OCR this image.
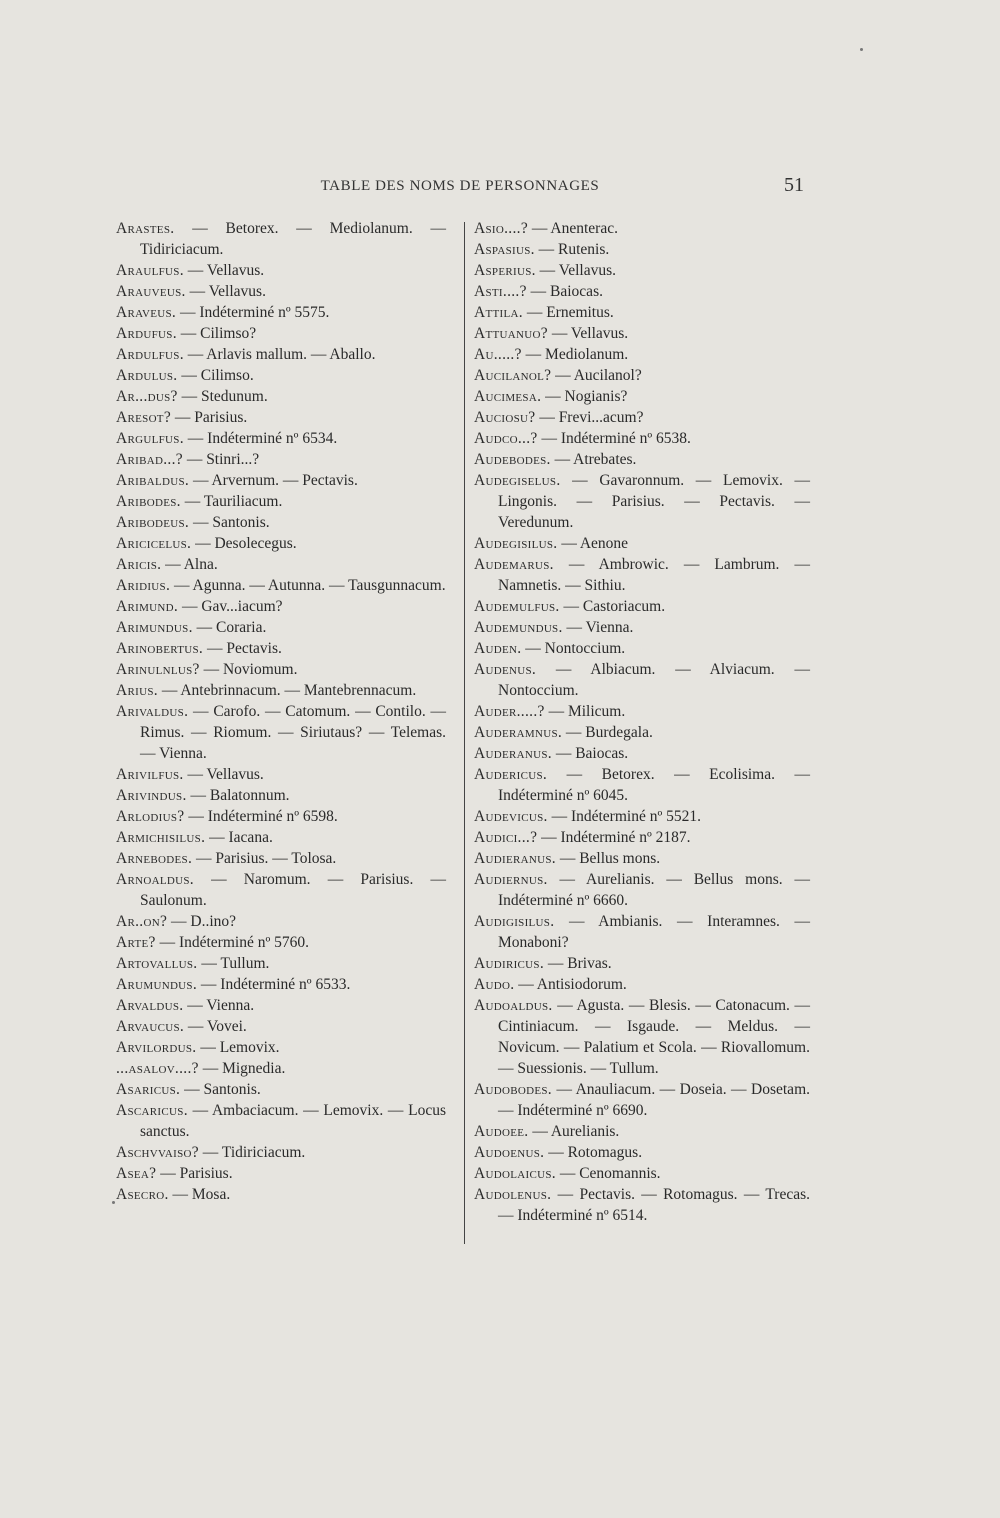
TABLE DES NOMS DE PERSONNAGES	51

Arastes. — Betorex. — Mediolanum. — Tidiriciacum.

Araulfus. — Vellavus.

Arauveus. — Vellavus.

Araveus. — Indéterminé nº 5575.

Ardufus. — Cilimso?

Ardulfus. — Arlavis mallum. — Aballo.

Ardulus. — Cilimso.

Ar...dus? — Stedunum.

Aresot? — Parisius.

Argulfus. — Indéterminé nº 6534.

Aribad...? — Stinri...?

Aribaldus. — Arvernum. — Pectavis.

Aribodes. — Tauriliacum.

Aribodeus. — Santonis.

Aricicelus. — Desolecegus.

Aricis. — Alna.

Aridius. — Agunna. — Autunna. — Tausgunnacum.

Arimund. — Gav...iacum?

Arimundus. — Coraria.

Arinobertus. — Pectavis.

Arinulnlus? — Noviomum.

Arius. — Antebrinnacum. — Mantebrennacum.

Arivaldus. — Carofo. — Catomum. — Contilo. — Rimus. — Riomum. — Siriutaus? — Telemas. — Vienna.

Arivilfus. — Vellavus.

Arivindus. — Balatonnum.

Arlodius? — Indéterminé nº 6598.

Armichisilus. — Iacana.

Arnebodes. — Parisius. — Tolosa.

Arnoaldus. — Naromum. — Parisius. — Saulonum.

Ar..on? — D..ino?

Arte? — Indéterminé nº 5760.

Artovallus. — Tullum.

Arumundus. — Indéterminé nº 6533.

Arvaldus. — Vienna.

Arvaucus. — Vovei.

Arvilordus. — Lemovix.

...asalov....? — Mignedia.

Asaricus. — Santonis.

Ascaricus. — Ambaciacum. — Lemovix. — Locus sanctus.

Aschvvaiso? — Tidiriciacum.

Asea? — Parisius.

Asecro. — Mosa.

Asio....? — Anenterac.

Aspasius. — Rutenis.

Asperius. — Vellavus.

Asti....? — Baiocas.

Attila. — Ernemitus.

Attuanuo? — Vellavus.

Au.....? — Mediolanum.

Aucilanol? — Aucilanol?

Aucimesa. — Nogianis?

Auciosu? — Frevi...acum?

Audco...? — Indéterminé nº 6538.

Audebodes. — Atrebates.

Audegiselus. — Gavaronnum. — Lemovix. — Lingonis. — Parisius. — Pectavis. — Veredunum.

Audegisilus. — Aenone

Audemarus. — Ambrowic. — Lambrum. — Namnetis. — Sithiu.

Audemulfus. — Castoriacum.

Audemundus. — Vienna.

Auden. — Nontoccium.

Audenus. — Albiacum. — Alviacum. — Nontoccium.

Auder.....? — Milicum.

Auderamnus. — Burdegala.

Auderanus. — Baiocas.

Audericus. — Betorex. — Ecolisima. — Indéterminé nº 6045.

Audevicus. — Indéterminé nº 5521.

Audici...? — Indéterminé nº 2187.

Audieranus. — Bellus mons.

Audiernus. — Aurelianis. — Bellus mons. — Indéterminé nº 6660.

Audigisilus. — Ambianis. — Interamnes. — Monaboni?

Audiricus. — Brivas.

Audo. — Antisiodorum.

Audoaldus. — Agusta. — Blesis. — Catonacum. — Cintiniacum. — Isgaude. — Meldus. — Novicum. — Palatium et Scola. — Riovallomum. — Suessionis. — Tullum.

Audobodes. — Anauliacum. — Doseia. — Dosetam. — Indéterminé nº 6690.

Audoee. — Aurelianis.

Audoenus. — Rotomagus.

Audolaicus. — Cenomannis.

Audolenus. — Pectavis. — Rotomagus. — Trecas. — Indéterminé nº 6514.
